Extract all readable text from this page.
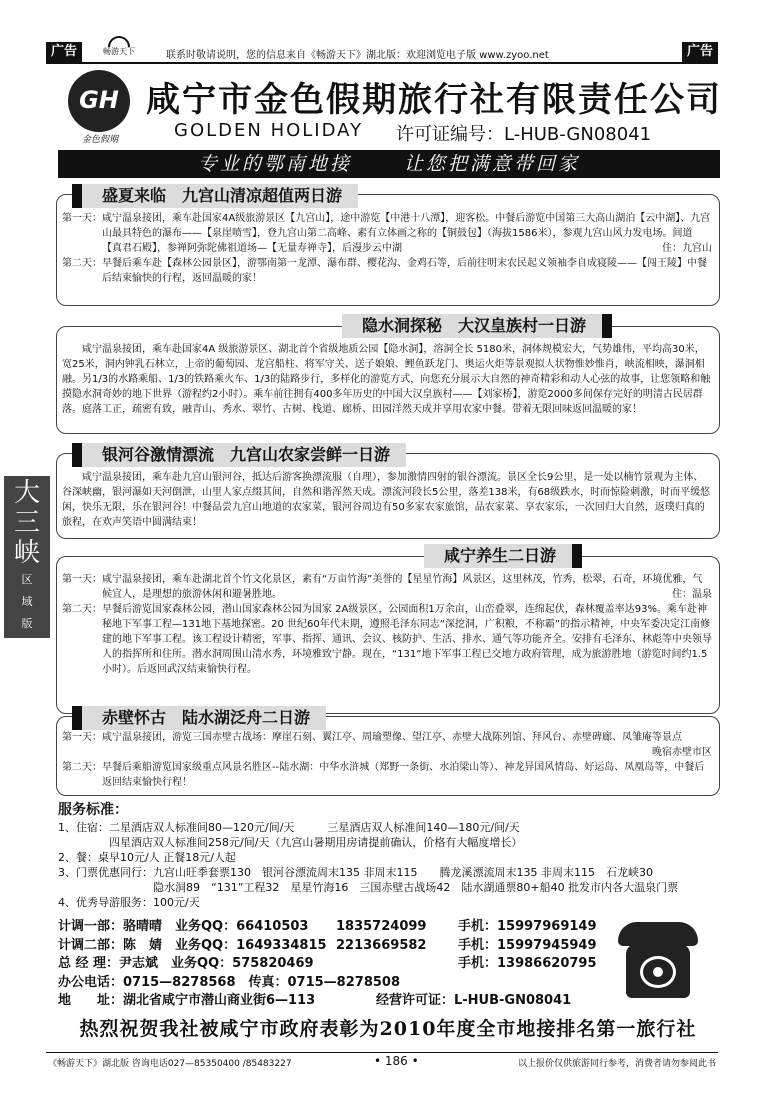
广告	畅游天下	联系时敬请说明，您的信息来自《畅游天下》湖北版：欢迎浏览电子版 www.zyoo.net	广告
GH
金色假期
咸宁市金色假期旅行社有限责任公司
GOLDEN HOLIDAY 许可证编号：L-HUB-GN08041
专业的鄂南地接	让您把满意带回家
大
三
峡
区
域
版
盛夏来临　九宫山清凉超值两日游
第一天： 咸宁温泉接团，乘车赴国家4A级旅游景区【九宫山】，途中游览【中港十八潭】，迎客松。中餐后游览中国第三大高山湖泊【云中湖】、九宫山最具特色的瀑布——【泉崖喷雪】，登九宫山第二高峰、素有立体画之称的【铜鼓包】（海拔1586米），参观九宫山风力发电场。间道【真君石殿】，参禅阿弥陀佛祖道场—【无量寿禅寺】，后漫步云中湖	住：九宫山
第二天： 早餐后乘车赴【森林公园景区】，游鄂南第一龙潭、瀑布群、樱花沟、金鸡石等，后前往明末农民起义领袖李自成寝陵——【闯王陵】中餐后结束愉快的行程，返回温暖的家！
隐水洞探秘　大汉皇族村一日游
咸宁温泉接团，乘车赴国家4A 级旅游景区、湖北首个省级地质公园【隐水洞】，溶洞全长 5180米，洞体规模宏大，气势雄伟，平均高30米，宽25米，洞内钟乳石林立，上帝的葡萄园、龙宫船柱、将军守关、送子娘娘、鲤鱼跃龙门、奥运火炬等景观拟人状物惟妙惟肖，峡流相映，瀑洞相融。另1/3的水路乘船、1/3的铁路乘火车、1/3的陆路步行，多样化的游览方式，向您充分展示大自然的神奇精彩和动人心弦的故事，让您领略和触摸隐水洞奇妙的地下世界（游程约2小时）。乘车前往拥有400多年历史的中国大汉皇族村——【刘家桥】，游览2000多间保存完好的明清古民居群落。庭落工正，疏密有致，融青山、秀水、翠竹、古树、栈道、廊桥、田园洋然天成并享用农家中餐。带着无限回味返回温暖的家！
银河谷激情漂流　九宫山农家尝鲜一日游
咸宁温泉接团，乘车赴九宫山银河谷，抵达后游客换漂流服（自理），参加激情四射的银谷漂流。景区全长9公里，是一处以楠竹景观为主体、谷深峡幽，银河瀑如天河倒泄，山里人家点缀其间，自然和谐浑然天成。漂流河段长5公里，落差138米，有68级跌水，时而惊险刺激，时而平缓悠闲，快乐无限，乐在银河谷！中餐品尝九宫山地道的农家菜，银河谷周边有50多家农家旅馆，品农家菜、享农家乐，一次回归大自然，返璞归真的旅程，在欢声笑语中圆满结束！
咸宁养生二日游
第一天： 咸宁温泉接团，乘车赴湖北首个竹文化景区，素有“万亩竹海”美誉的【星星竹海】风景区，这里林茂，竹秀，松翠，石奇，环境优雅，气候宜人，是理想的旅游休闲和避暑胜地。	住：温泉
第二天： 早餐后游览国家森林公园，潜山国家森林公园为国家 2A级景区，公园面积1万余亩，山峦叠翠，连绵起伏，森林覆盖率达93%。乘车赴神秘地下军事工程—131地下基地探密。20 世纪60年代末期，遵照毛泽东同志“深挖洞，广积粮，不称霸”的指示精神，中央军委决定江南修建的地下军事工程。该工程设计精密，军事、指挥、通讯、会议、核防护、生活、排水、通气等功能齐全。安排有毛泽东、林彪等中央领导人的指挥所和住所。潜水洞周围山清水秀，环境雅致宁静。现在，“131”地下军事工程已交地方政府管理，成为旅游胜地（游览时间约1.5小时）。后返回武汉结束愉快行程。
赤壁怀古　陆水湖泛舟二日游
第一天： 咸宁温泉接团，游览三国赤壁古战场：摩崖石刻、翼江亭、周瑜塑像、望江亭、赤壁大战陈列馆、拜风台、赤壁碑廊、凤雏庵等景点
晚宿赤壁市区
第二天： 早餐后乘船游览国家级重点风景名胜区--陆水湖：中华水浒城（郑野一条街、水泊梁山等）、神龙异国风情岛、好运岛、凤凰岛等，中餐后返回结束愉快行程！
服务标准：
1、住宿： 二星酒店双人标准间80—120元/间/天　　　三星酒店双人标准间140—180元/间/天
四星酒店双人标准间258元/间/天（九宫山暑期用房请提前确认，价格有大幅度增长）
2、餐： 桌早10元/人 正餐18元/人起
3、门票优惠同行： 九宫山旺季套票130　银河谷漂流周末135 非周末115　　腾龙溪漂流周末135 非周末115　石龙峡30
隐水洞89　“131”工程32　星星竹海16　三国赤壁古战场42　陆水湖通票80+船40 批发市内各大温泉门票
4、优秀导游服务： 100元/天
计调一部：骆晴晴　业务QQ：66410503 1835724099 手机：15997969149
计调二部：陈　婧　业务QQ：1649334815 2213669582 手机：15997945949
总 经 理：尹志斌　业务QQ：575820469	手机：13986620795
办公电话：0715—8278568　传真：0715—8278508
地　　址：湖北省咸宁市潜山商业街6—113	经营许可证：L-HUB-GN08041
热烈祝贺我社被咸宁市政府表彰为2010年度全市地接排名第一旅行社
《畅游天下》湖北版 咨询电话027—85350400 /85483227	• 186 •	以上报价仅供旅游同行参考，消费者请勿参阅此书
